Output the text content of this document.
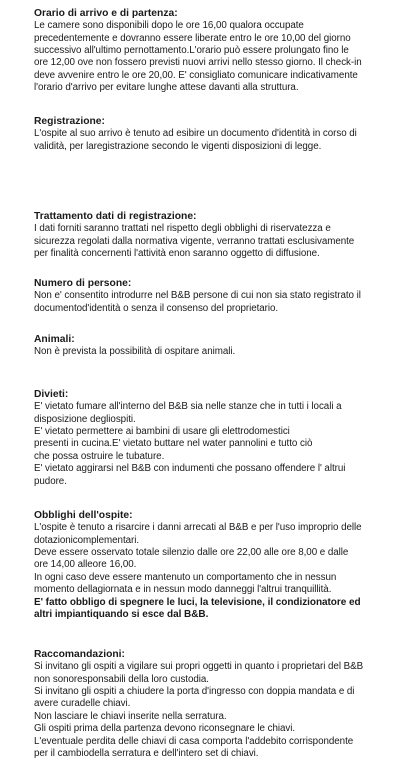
Orario di arrivo e di partenza:
Le camere sono disponibili dopo le ore 16,00 qualora occupate
precedentemente e dovranno essere liberate entro le ore 10,00 del giorno
successivo all'ultimo pernottamento.L'orario può essere prolungato fino le
ore 12,00 ove non fossero previsti nuovi arrivi nello stesso giorno. Il check-in
deve avvenire entro le ore 20,00. E' consigliato comunicare indicativamente
l'orario d'arrivo per evitare lunghe attese davanti alla struttura.
Registrazione:
L'ospite al suo arrivo è tenuto ad esibire un documento d'identità in corso di
validità, per laregistrazione secondo le vigenti disposizioni di legge.
Trattamento dati di registrazione:
I dati forniti saranno trattati nel rispetto degli obblighi di riservatezza e
sicurezza regolati dalla normativa vigente, verranno trattati esclusivamente
per finalità concernenti l'attività enon saranno oggetto di diffusione.
Numero di persone:
Non e' consentito introdurre nel B&B persone di cui non sia stato registrato il
documentod'identità o senza il consenso del proprietario.
Animali:
Non è prevista la possibilità di ospitare animali.
Divieti:
E' vietato fumare all'interno del B&B sia nelle stanze che in tutti i locali a
disposizione degliospiti.
E' vietato permettere ai bambini di usare gli elettrodomestici
presenti in cucina.E' vietato buttare nel water pannolini e tutto ciò
che possa ostruire le tubature.
E' vietato aggirarsi nel B&B con indumenti che possano offendere l' altrui
pudore.
Obblighi dell'ospite:
L'ospite è tenuto a risarcire i danni arrecati al B&B e per l'uso improprio delle
dotazionicomplementari.
Deve essere osservato totale silenzio dalle ore 22,00 alle ore 8,00 e dalle
ore 14,00 alleore 16,00.
In ogni caso deve essere mantenuto un comportamento che in nessun
momento dellagiornata e in nessun modo danneggi l'altrui tranquillità.
E' fatto obbligo di spegnere le luci, la televisione, il condizionatore ed
altri impiantiquando si esce dal B&B.
Raccomandazioni:
Si invitano gli ospiti a vigilare sui propri oggetti in quanto i proprietari del B&B
non sonoresponsabili della loro custodia.
Si invitano gli ospiti a chiudere la porta d'ingresso con doppia mandata e di
avere curadelle chiavi.
Non lasciare le chiavi inserite nella serratura.
Gli ospiti prima della partenza devono riconsegnare le chiavi.
L'eventuale perdita delle chiavi di casa comporta l'addebito corrispondente
per il cambiodella serratura e dell'intero set di chiavi.
